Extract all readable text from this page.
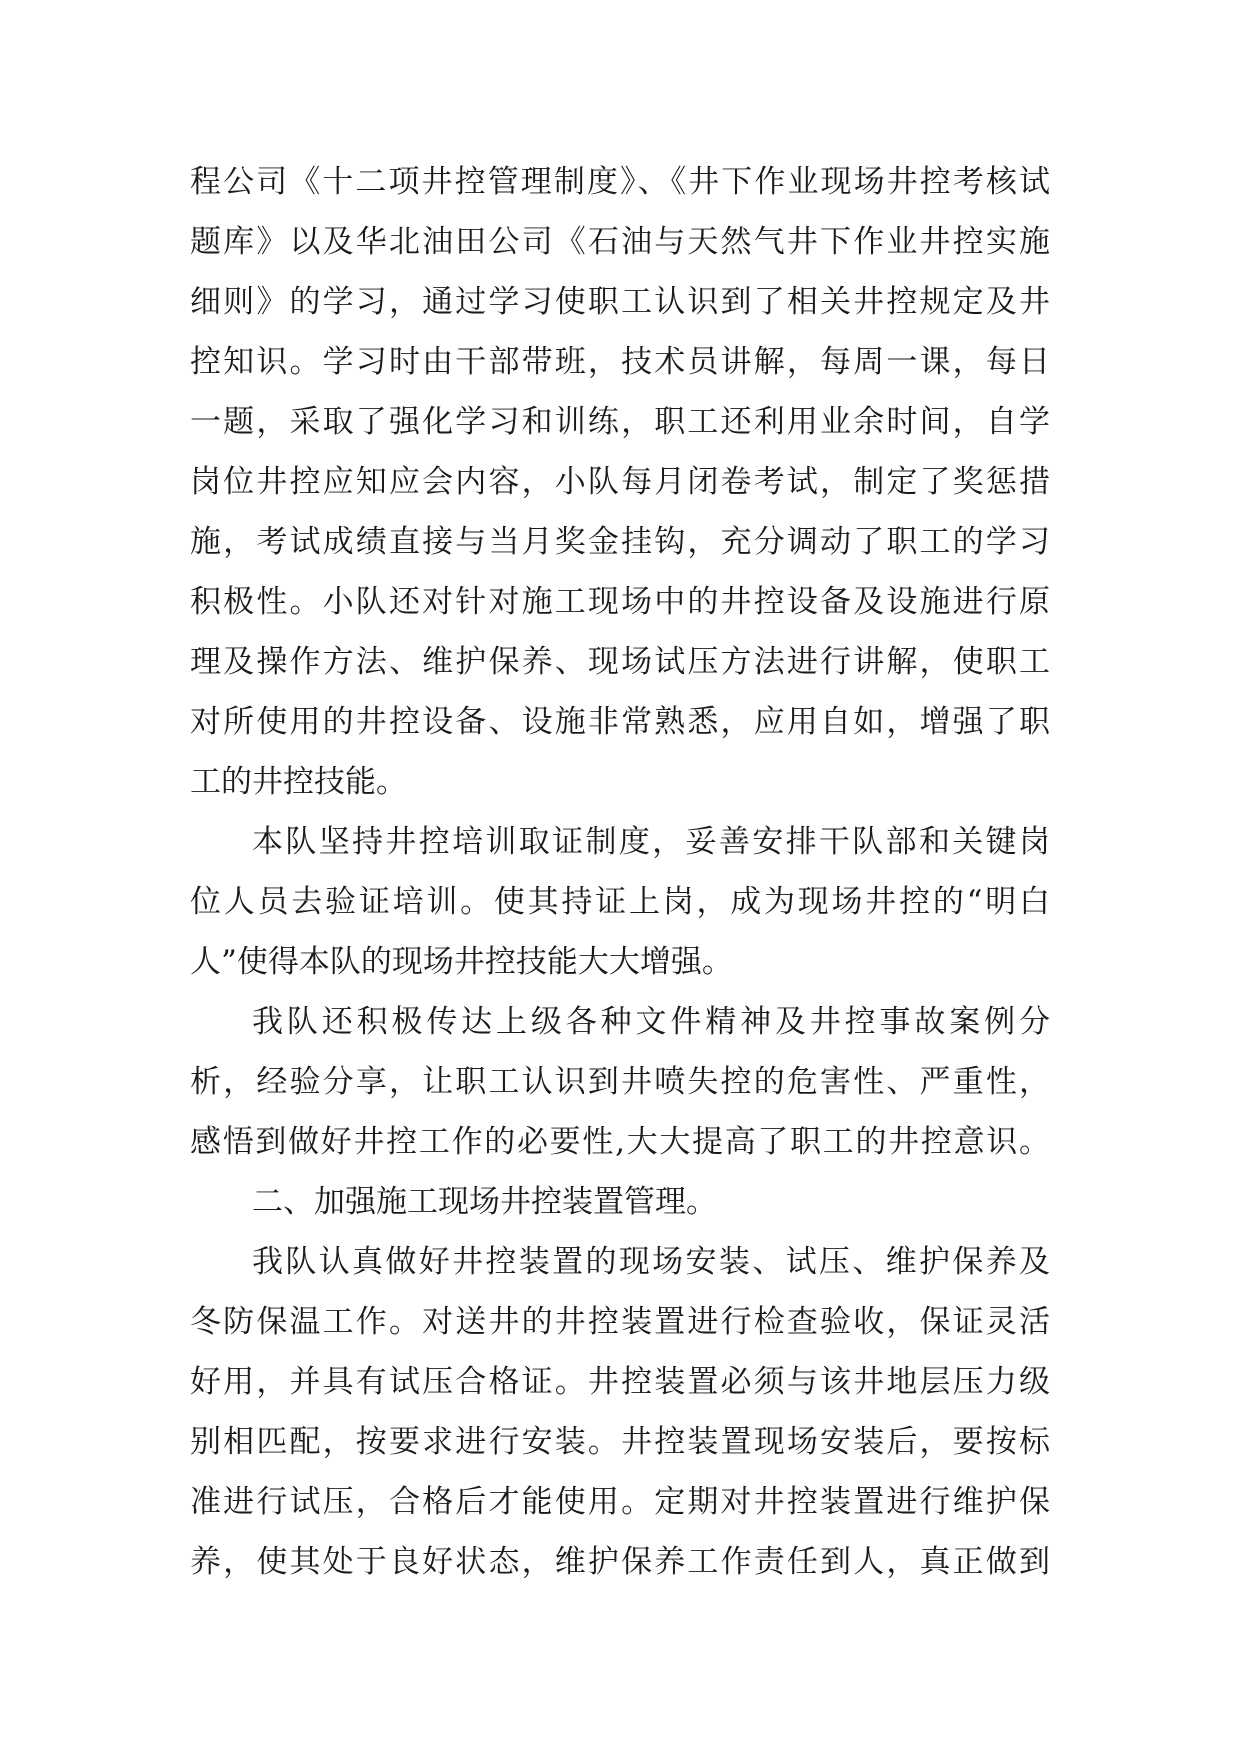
程公司《十二项井控管理制度》、《井下作业现场井控考核试
题库》以及华北油田公司《石油与天然气井下作业井控实施
细则》的学习，通过学习使职工认识到了相关井控规定及井
控知识。学习时由干部带班，技术员讲解，每周一课，每日
一题，采取了强化学习和训练，职工还利用业余时间，自学
岗位井控应知应会内容，小队每月闭卷考试，制定了奖惩措
施，考试成绩直接与当月奖金挂钩，充分调动了职工的学习
积极性。小队还对针对施工现场中的井控设备及设施进行原
理及操作方法、维护保养、现场试压方法进行讲解，使职工
对所使用的井控设备、设施非常熟悉，应用自如，增强了职
工的井控技能。
本队坚持井控培训取证制度，妥善安排干队部和关键岗
位人员去验证培训。使其持证上岗，成为现场井控的“明白
人”使得本队的现场井控技能大大增强。
我队还积极传达上级各种文件精神及井控事故案例分
析，经验分享，让职工认识到井喷失控的危害性、严重性，
感悟到做好井控工作的必要性,大大提高了职工的井控意识。
二、加强施工现场井控装置管理。
我队认真做好井控装置的现场安装、试压、维护保养及
冬防保温工作。对送井的井控装置进行检查验收，保证灵活
好用，并具有试压合格证。井控装置必须与该井地层压力级
别相匹配，按要求进行安装。井控装置现场安装后，要按标
准进行试压，合格后才能使用。定期对井控装置进行维护保
养，使其处于良好状态，维护保养工作责任到人，真正做到
